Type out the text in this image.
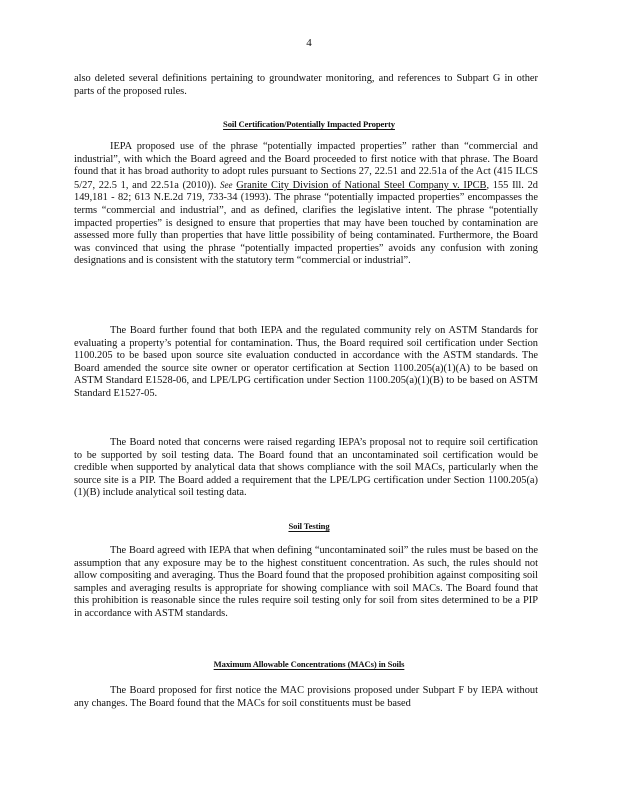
4

also deleted several definitions pertaining to groundwater monitoring, and references to Subpart G in other parts of the proposed rules.

Soil Certification/Potentially Impacted Property

IEPA proposed use of the phrase “potentially impacted properties” rather than “commercial and industrial”, with which the Board agreed and the Board proceeded to first notice with that phrase. The Board found that it has broad authority to adopt rules pursuant to Sections 27, 22.51 and 22.51a of the Act (415 ILCS 5/27, 22.5 1, and 22.51a (2010)). See Granite City Division of National Steel Company v. IPCB, 155 Ill. 2d 149,181 - 82; 613 N.E.2d 719, 733-34 (1993). The phrase “potentially impacted properties” encompasses the terms “commercial and industrial”, and as defined, clarifies the legislative intent. The phrase “potentially impacted properties” is designed to ensure that properties that may have been touched by contamination are assessed more fully than properties that have little possibility of being contaminated. Furthermore, the Board was convinced that using the phrase “potentially impacted properties” avoids any confusion with zoning designations and is consistent with the statutory term “commercial or industrial”.

The Board further found that both IEPA and the regulated community rely on ASTM Standards for evaluating a property’s potential for contamination. Thus, the Board required soil certification under Section 1100.205 to be based upon source site evaluation conducted in accordance with the ASTM standards. The Board amended the source site owner or operator certification at Section 1100.205(a)(1)(A) to be based on ASTM Standard E1528-06, and LPE/LPG certification under Section 1100.205(a)(1)(B) to be based on ASTM Standard E1527-05.

The Board noted that concerns were raised regarding IEPA’s proposal not to require soil certification to be supported by soil testing data. The Board found that an uncontaminated soil certification would be credible when supported by analytical data that shows compliance with the soil MACs, particularly when the source site is a PIP. The Board added a requirement that the LPE/LPG certification under Section 1100.205(a)(1)(B) include analytical soil testing data.

Soil Testing

The Board agreed with IEPA that when defining “uncontaminated soil” the rules must be based on the assumption that any exposure may be to the highest constituent concentration. As such, the rules should not allow compositing and averaging. Thus the Board found that the proposed prohibition against compositing soil samples and averaging results is appropriate for showing compliance with soil MACs. The Board found that this prohibition is reasonable since the rules require soil testing only for soil from sites determined to be a PIP in accordance with ASTM standards.

Maximum Allowable Concentrations (MACs) in Soils

The Board proposed for first notice the MAC provisions proposed under Subpart F by IEPA without any changes. The Board found that the MACs for soil constituents must be based
